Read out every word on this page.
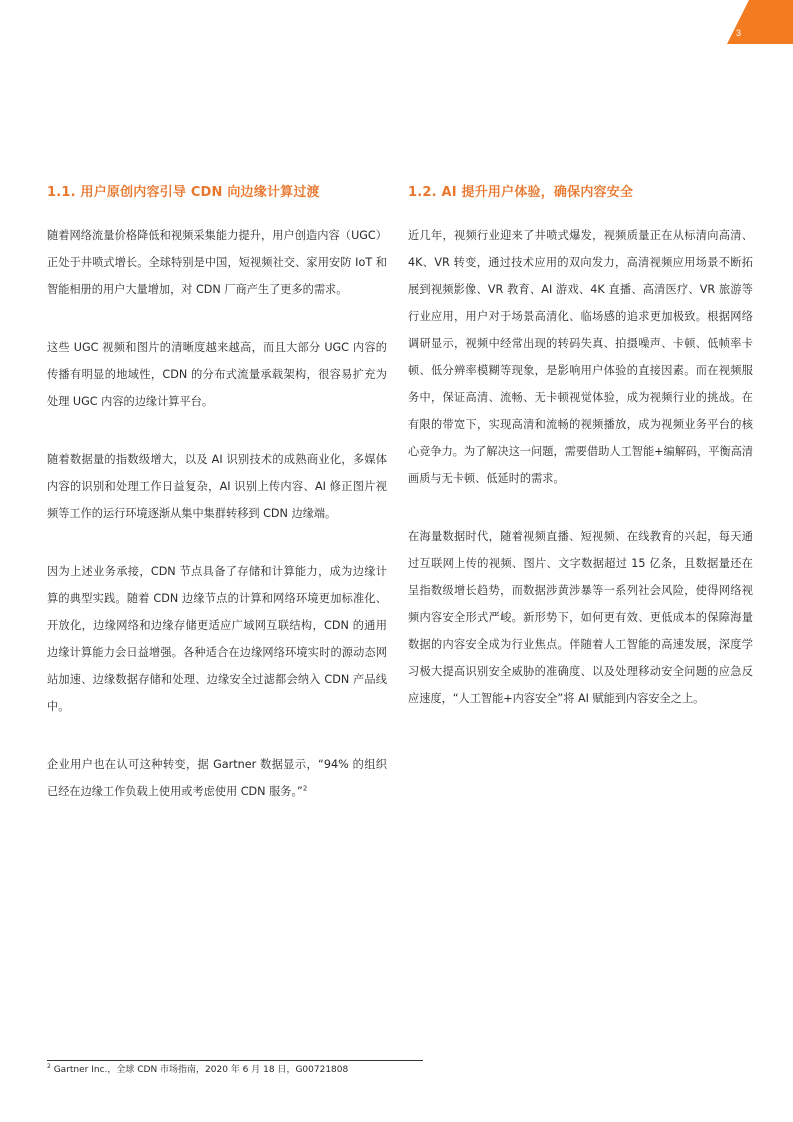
3
1.1. 用户原创内容引导 CDN 向边缘计算过渡

随着网络流量价格降低和视频采集能力提升，用户创造内容（UGC）正处于井喷式增长。全球特别是中国，短视频社交、家用安防 IoT 和智能相册的用户大量增加，对 CDN 厂商产生了更多的需求。

这些 UGC 视频和图片的清晰度越来越高，而且大部分 UGC 内容的传播有明显的地域性，CDN 的分布式流量承载架构，很容易扩充为处理 UGC 内容的边缘计算平台。

随着数据量的指数级增大，以及 AI 识别技术的成熟商业化，多媒体内容的识别和处理工作日益复杂，AI 识别上传内容、AI 修正图片视频等工作的运行环境逐渐从集中集群转移到 CDN 边缘端。

因为上述业务承接，CDN 节点具备了存储和计算能力，成为边缘计算的典型实践。随着 CDN 边缘节点的计算和网络环境更加标准化、开放化，边缘网络和边缘存储更适应广域网互联结构，CDN 的通用边缘计算能力会日益增强。各种适合在边缘网络环境实时的源动态网站加速、边缘数据存储和处理、边缘安全过滤都会纳入 CDN 产品线中。

企业用户也在认可这种转变，据 Gartner 数据显示，“94% 的组织已经在边缘工作负载上使用或考虑使用 CDN 服务。”$^2$

1.2. AI 提升用户体验，确保内容安全

近几年，视频行业迎来了井喷式爆发，视频质量正在从标清向高清、4K、VR 转变，通过技术应用的双向发力，高清视频应用场景不断拓展到视频影像、VR 教育、AI 游戏、4K 直播、高清医疗、VR 旅游等行业应用，用户对于场景高清化、临场感的追求更加极致。根据网络调研显示，视频中经常出现的转码失真、拍摄噪声、卡顿、低帧率卡顿、低分辨率模糊等现象，是影响用户体验的直接因素。而在视频服务中，保证高清、流畅、无卡顿视觉体验，成为视频行业的挑战。在有限的带宽下，实现高清和流畅的视频播放，成为视频业务平台的核心竞争力。为了解决这一问题，需要借助人工智能+编解码，平衡高清画质与无卡顿、低延时的需求。

在海量数据时代，随着视频直播、短视频、在线教育的兴起，每天通过互联网上传的视频、图片、文字数据超过 15 亿条，且数据量还在呈指数级增长趋势，而数据涉黄涉暴等一系列社会风险，使得网络视频内容安全形式严峻。新形势下，如何更有效、更低成本的保障海量数据的内容安全成为行业焦点。伴随着人工智能的高速发展，深度学习极大提高识别安全威胁的准确度、以及处理移动安全问题的应急反应速度，“人工智能+内容安全”将 AI 赋能到内容安全之上。

$^2$ Gartner Inc.，全球 CDN 市场指南，2020 年 6 月 18 日，G00721808
